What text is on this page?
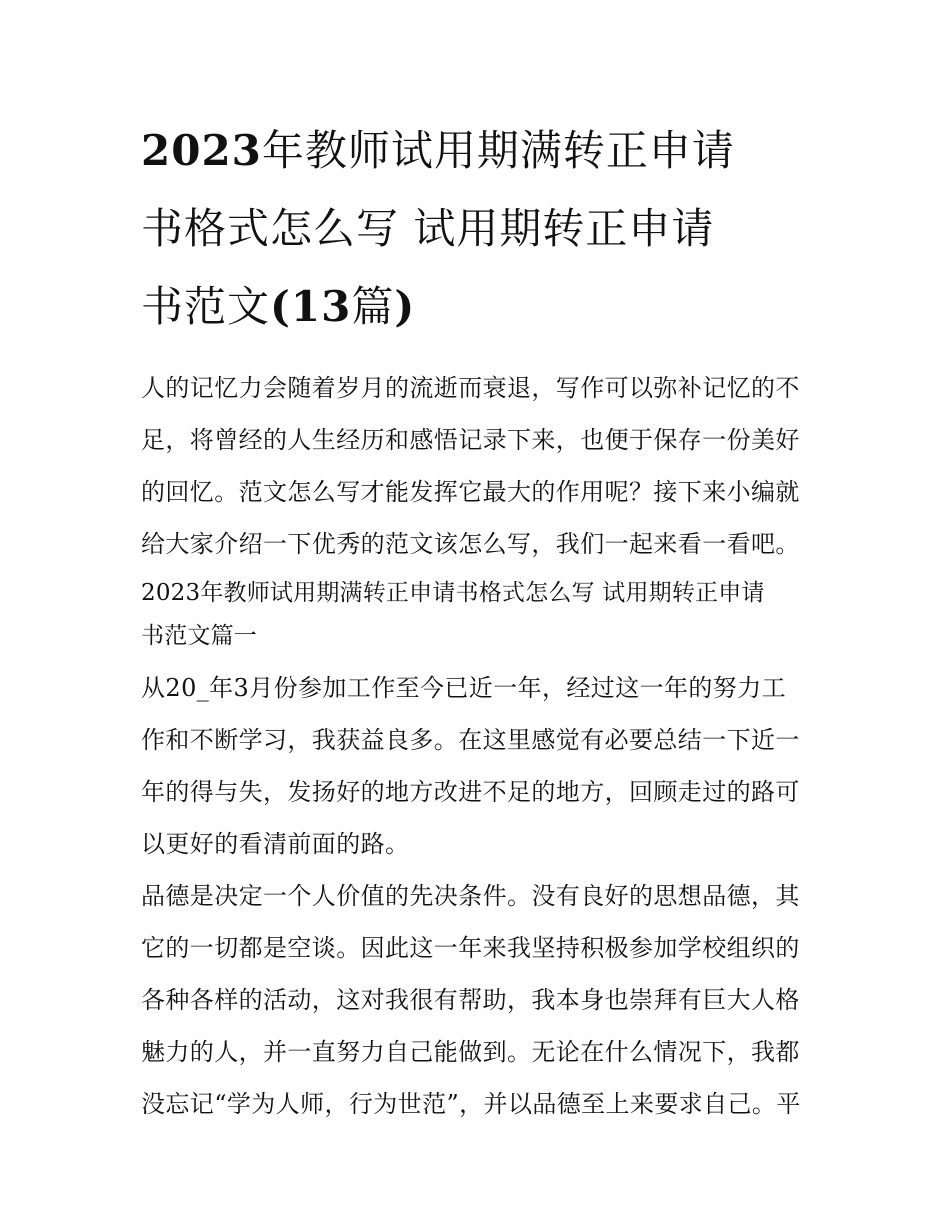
2023年教师试用期满转正申请
书格式怎么写 试用期转正申请
书范文(13篇)

人的记忆力会随着岁月的流逝而衰退，写作可以弥补记忆的不

足，将曾经的人生经历和感悟记录下来，也便于保存一份美好

的回忆。范文怎么写才能发挥它最大的作用呢？接下来小编就

给大家介绍一下优秀的范文该怎么写，我们一起来看一看吧。

2023年教师试用期满转正申请书格式怎么写 试用期转正申请

书范文篇一

从20_年3月份参加工作至今已近一年，经过这一年的努力工

作和不断学习，我获益良多。在这里感觉有必要总结一下近一

年的得与失，发扬好的地方改进不足的地方，回顾走过的路可

以更好的看清前面的路。

品德是决定一个人价值的先决条件。没有良好的思想品德，其

它的一切都是空谈。因此这一年来我坚持积极参加学校组织的

各种各样的活动，这对我很有帮助，我本身也崇拜有巨大人格

魅力的人，并一直努力自己能做到。无论在什么情况下，我都

没忘记“学为人师，行为世范”，并以品德至上来要求自己。平
